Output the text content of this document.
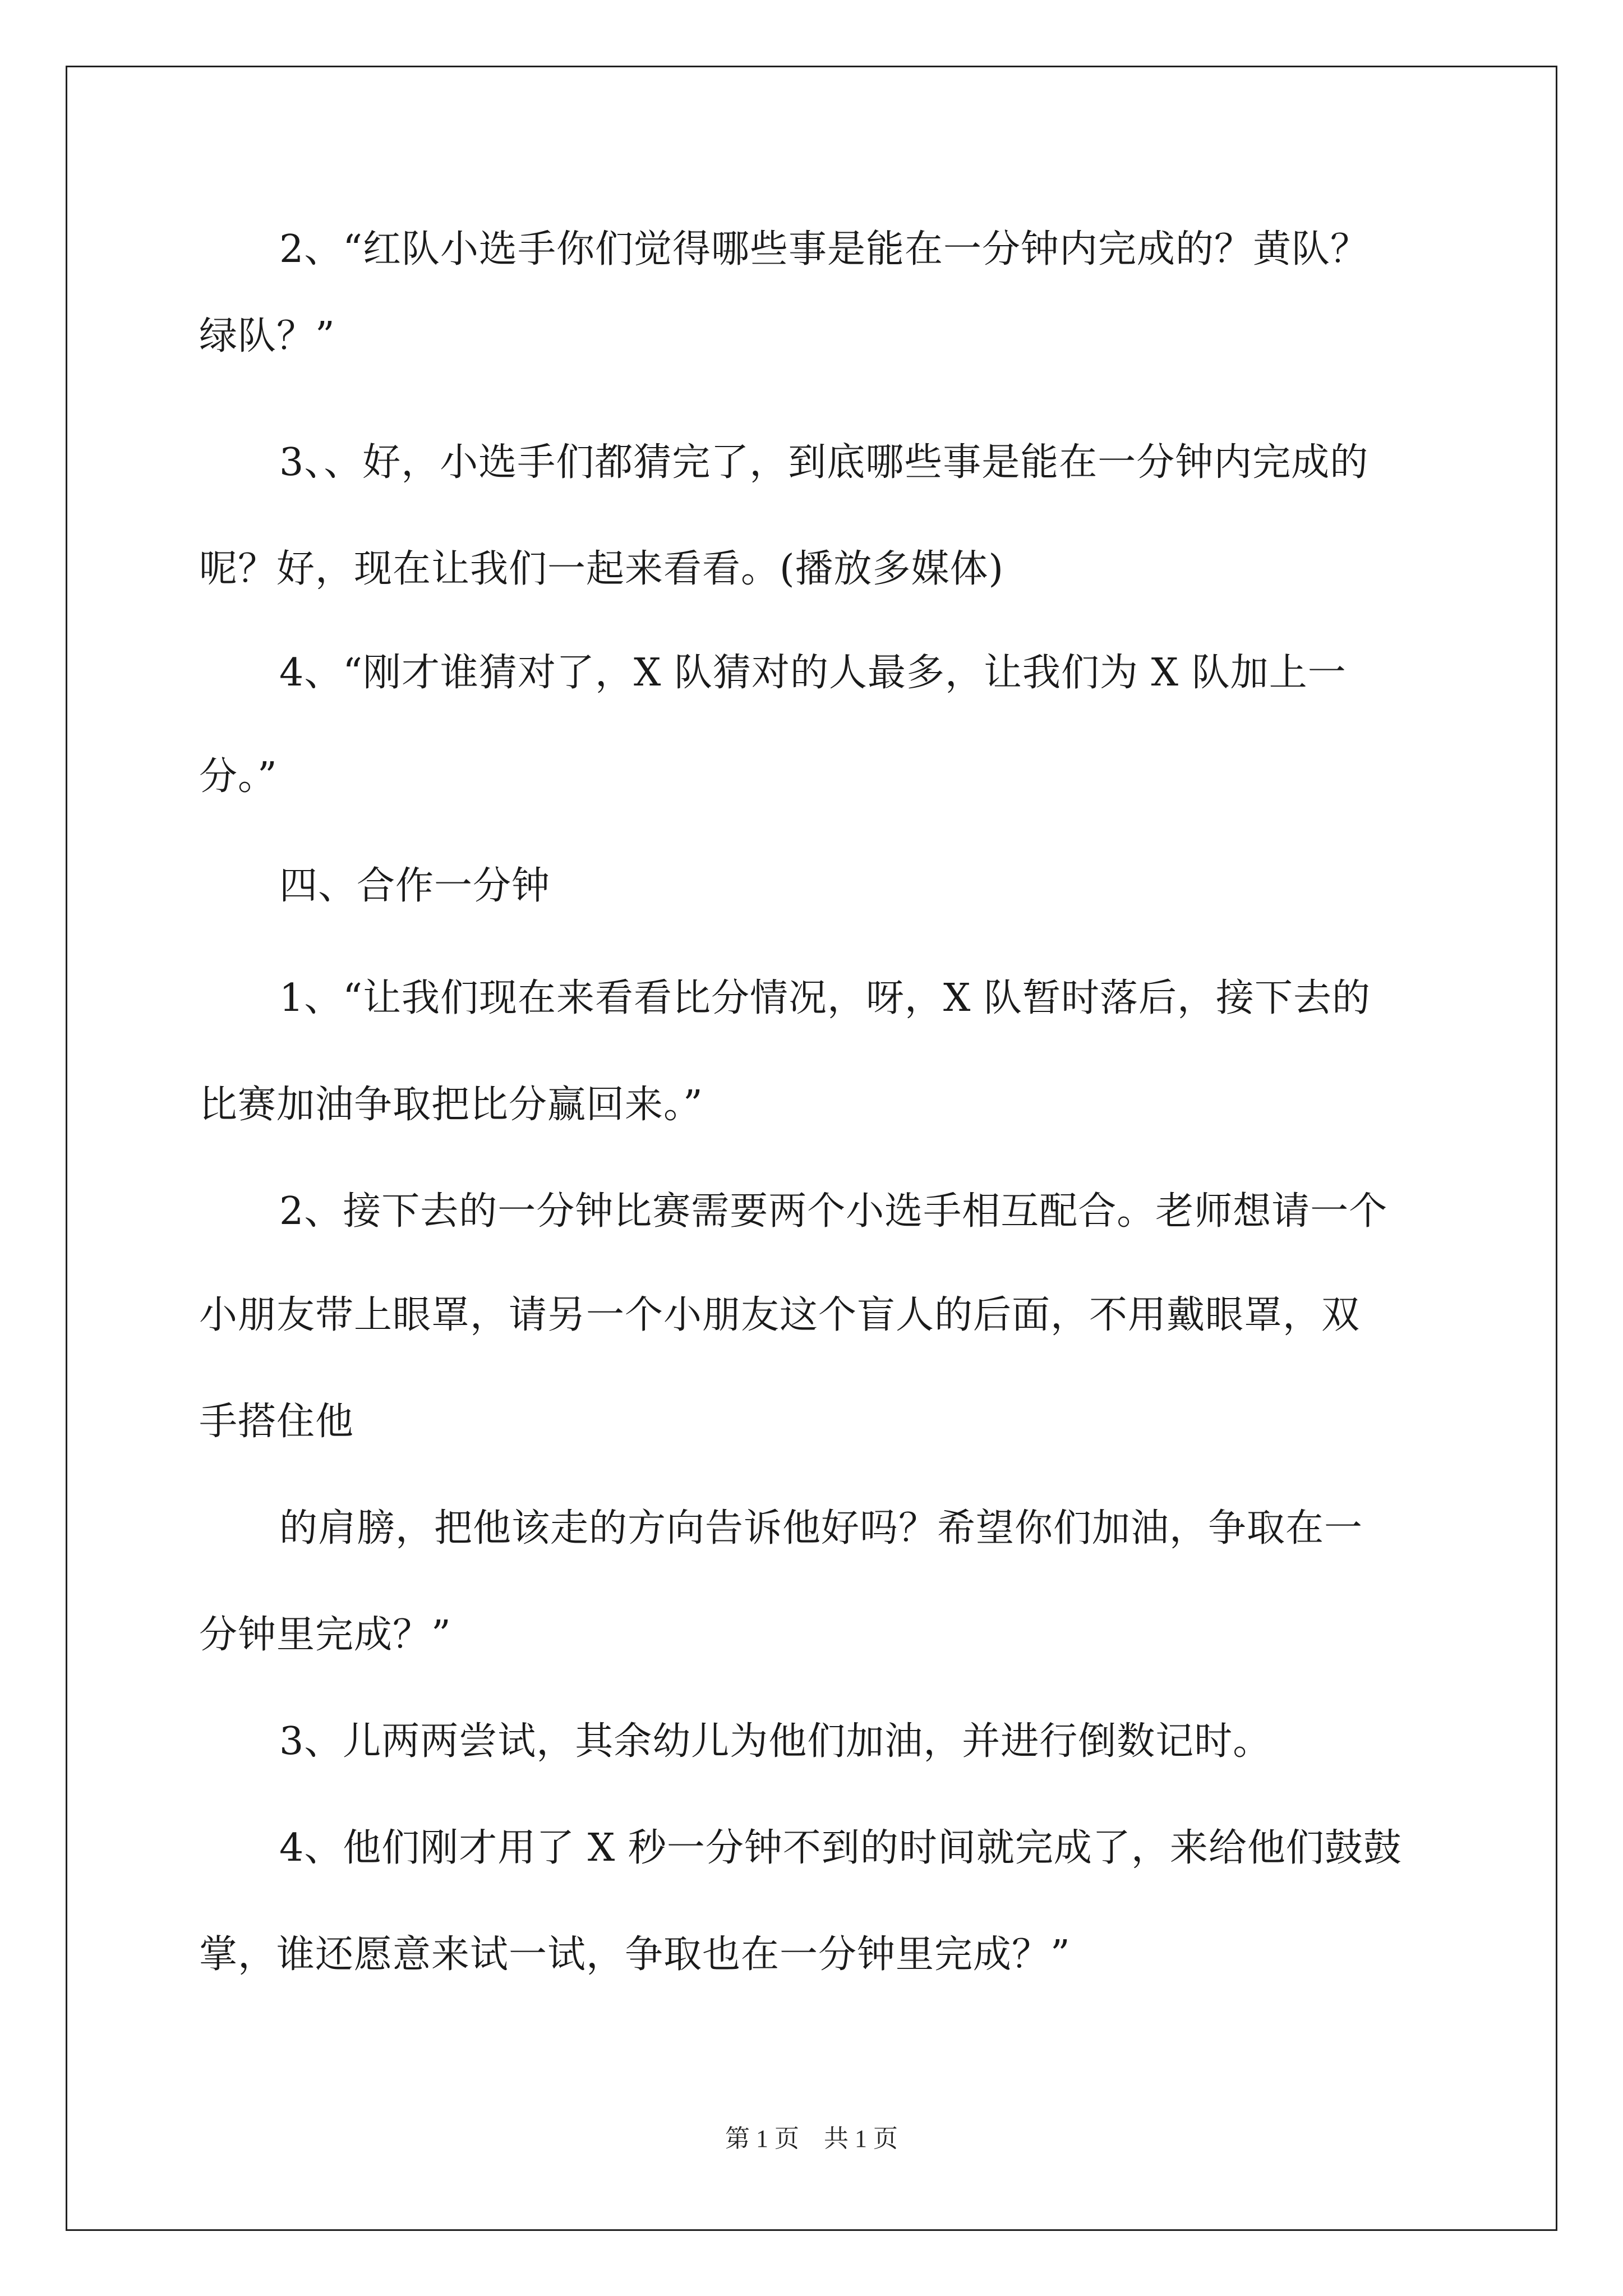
2、“红队小选手你们觉得哪些事是能在一分钟内完成的？黄队？
绿队？”
3、、好，小选手们都猜完了，到底哪些事是能在一分钟内完成的
呢？好，现在让我们一起来看看。(播放多媒体)
4、“刚才谁猜对了，X 队猜对的人最多，让我们为 X 队加上一
分。”
四、合作一分钟
1、“让我们现在来看看比分情况，呀，X 队暂时落后，接下去的
比赛加油争取把比分赢回来。”
2、接下去的一分钟比赛需要两个小选手相互配合。老师想请一个
小朋友带上眼罩，请另一个小朋友这个盲人的后面，不用戴眼罩，双
手搭住他
的肩膀，把他该走的方向告诉他好吗？希望你们加油，争取在一
分钟里完成？”
3、儿两两尝试，其余幼儿为他们加油，并进行倒数记时。
4、他们刚才用了 X 秒一分钟不到的时间就完成了，来给他们鼓鼓
掌，谁还愿意来试一试，争取也在一分钟里完成？”
第 1 页　共 1 页
